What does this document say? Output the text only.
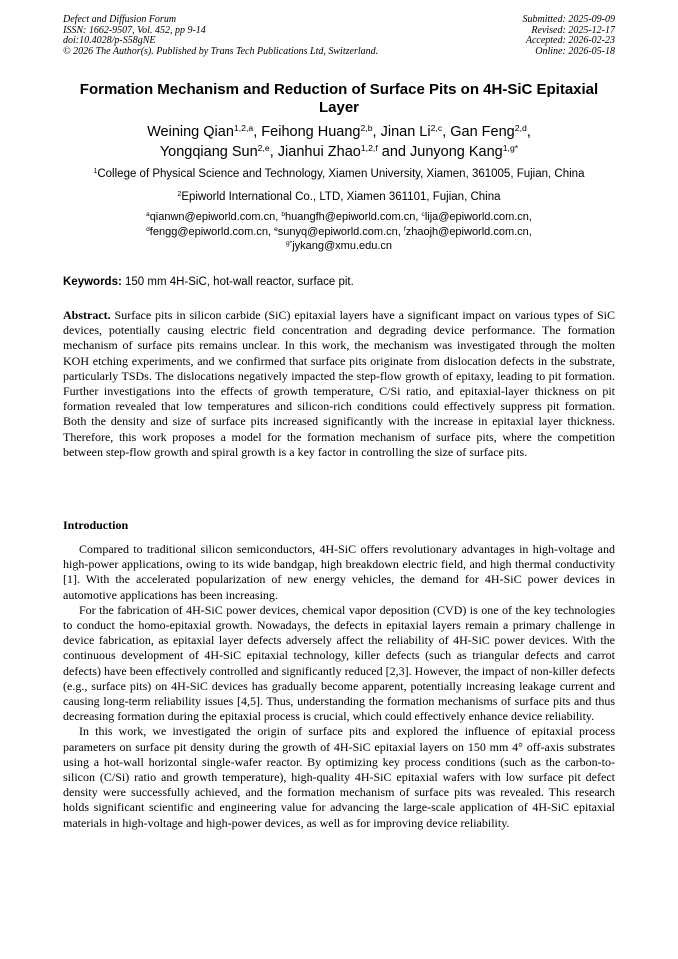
Defect and Diffusion Forum
ISSN: 1662-9507, Vol. 452, pp 9-14
doi:10.4028/p-S58gNE
© 2026 The Author(s). Published by Trans Tech Publications Ltd, Switzerland.
Submitted: 2025-09-09
Revised: 2025-12-17
Accepted: 2026-02-23
Online: 2026-05-18
Formation Mechanism and Reduction of Surface Pits on 4H-SiC Epitaxial Layer
Weining Qian$^{1,2,a}$, Feihong Huang$^{2,b}$, Jinan Li$^{2,c}$, Gan Feng$^{2,d}$,
Yongqiang Sun$^{2,e}$, Jianhui Zhao$^{1,2,f}$ and Junyong Kang$^{1,g*}$
$^1$College of Physical Science and Technology, Xiamen University, Xiamen, 361005, Fujian, China
$^2$Epiworld International Co., LTD, Xiamen 361101, Fujian, China
$^a$qianwn@epiworld.com.cn, $^b$huangfh@epiworld.com.cn, $^c$lija@epiworld.com.cn,
$^d$fengg@epiworld.com.cn, $^e$sunyq@epiworld.com.cn, $^f$zhaojh@epiworld.com.cn,
$^{g*}$jykang@xmu.edu.cn
Keywords: 150 mm 4H-SiC, hot-wall reactor, surface pit.
Abstract. Surface pits in silicon carbide (SiC) epitaxial layers have a significant impact on various types of SiC devices, potentially causing electric field concentration and degrading device performance. The formation mechanism of surface pits remains unclear. In this work, the mechanism was investigated through the molten KOH etching experiments, and we confirmed that surface pits originate from dislocation defects in the substrate, particularly TSDs. The dislocations negatively impacted the step-flow growth of epitaxy, leading to pit formation. Further investigations into the effects of growth temperature, C/Si ratio, and epitaxial-layer thickness on pit formation revealed that low temperatures and silicon-rich conditions could effectively suppress pit formation. Both the density and size of surface pits increased significantly with the increase in epitaxial layer thickness. Therefore, this work proposes a model for the formation mechanism of surface pits, where the competition between step-flow growth and spiral growth is a key factor in controlling the size of surface pits.
Introduction

Compared to traditional silicon semiconductors, 4H-SiC offers revolutionary advantages in high-voltage and high-power applications, owing to its wide bandgap, high breakdown electric field, and high thermal conductivity [1]. With the accelerated popularization of new energy vehicles, the demand for 4H-SiC power devices in automotive applications has been increasing.

For the fabrication of 4H-SiC power devices, chemical vapor deposition (CVD) is one of the key technologies to conduct the homo-epitaxial growth. Nowadays, the defects in epitaxial layers remain a primary challenge in device fabrication, as epitaxial layer defects adversely affect the reliability of 4H-SiC power devices. With the continuous development of 4H-SiC epitaxial technology, killer defects (such as triangular defects and carrot defects) have been effectively controlled and significantly reduced [2,3]. However, the impact of non-killer defects (e.g., surface pits) on 4H-SiC devices has gradually become apparent, potentially increasing leakage current and causing long-term reliability issues [4,5]. Thus, understanding the formation mechanisms of surface pits and thus decreasing formation during the epitaxial process is crucial, which could effectively enhance device reliability.

In this work, we investigated the origin of surface pits and explored the influence of epitaxial process parameters on surface pit density during the growth of 4H-SiC epitaxial layers on 150 mm 4° off-axis substrates using a hot-wall horizontal single-wafer reactor. By optimizing key process conditions (such as the carbon-to-silicon (C/Si) ratio and growth temperature), high-quality 4H-SiC epitaxial wafers with low surface pit defect density were successfully achieved, and the formation mechanism of surface pits was revealed. This research holds significant scientific and engineering value for advancing the large-scale application of 4H-SiC epitaxial materials in high-voltage and high-power devices, as well as for improving device reliability.
